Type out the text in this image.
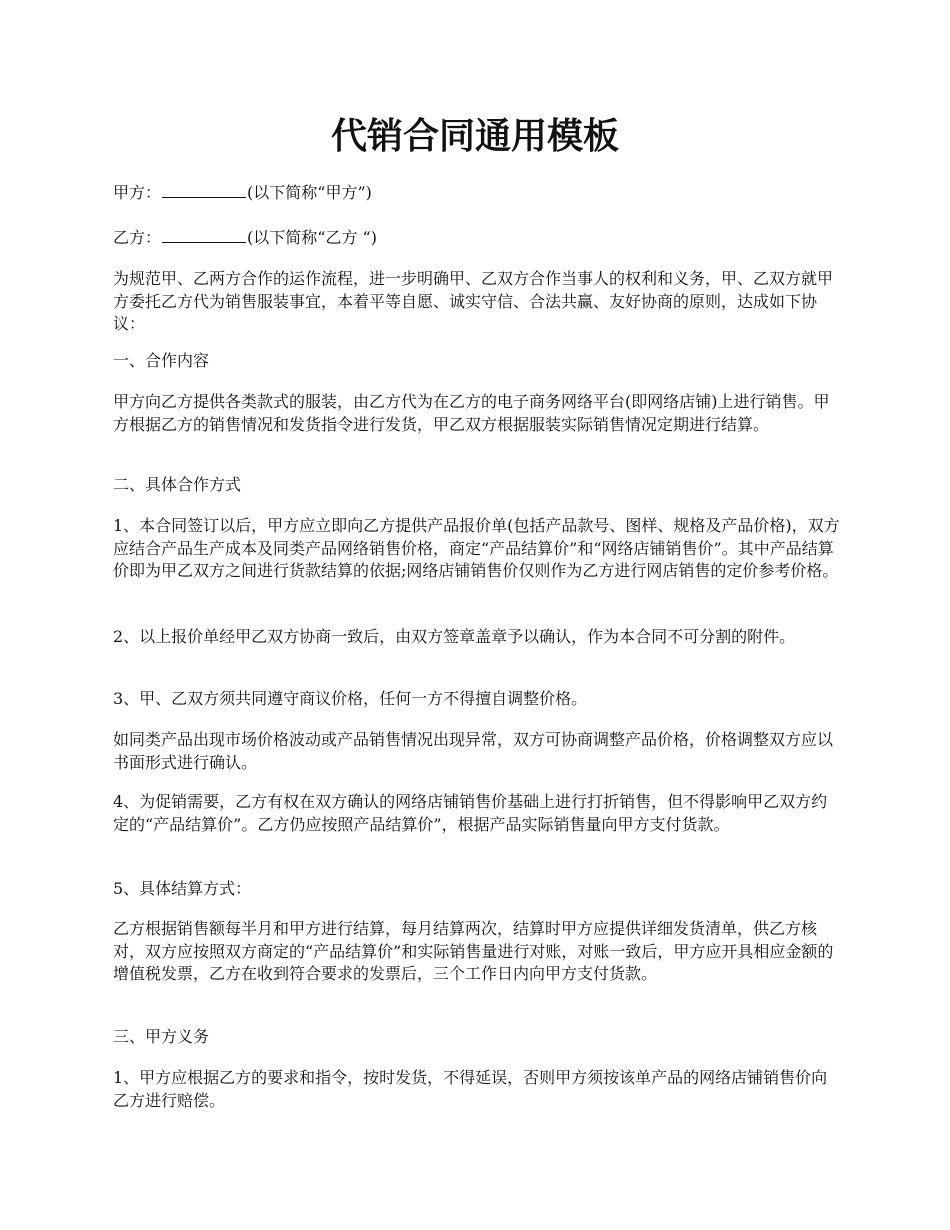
代销合同通用模板

甲方：	(以下简称“甲方”)

乙方：	(以下简称“乙方 “)

为规范甲、乙两方合作的运作流程，进一步明确甲、乙双方合作当事人的权利和义务，甲、乙双方就甲方委托乙方代为销售服装事宜，本着平等自愿、诚实守信、合法共赢、友好协商的原则，达成如下协议：

一、合作内容

甲方向乙方提供各类款式的服装，由乙方代为在乙方的电子商务网络平台(即网络店铺)上进行销售。甲方根据乙方的销售情况和发货指令进行发货，甲乙双方根据服装实际销售情况定期进行结算。

二、具体合作方式

1、本合同签订以后，甲方应立即向乙方提供产品报价单(包括产品款号、图样、规格及产品价格)，双方应结合产品生产成本及同类产品网络销售价格，商定“产品结算价”和“网络店铺销售价”。其中产品结算价即为甲乙双方之间进行货款结算的依据;网络店铺销售价仅则作为乙方进行网店销售的定价参考价格。

2、以上报价单经甲乙双方协商一致后，由双方签章盖章予以确认，作为本合同不可分割的附件。

3、甲、乙双方须共同遵守商议价格，任何一方不得擅自调整价格。

如同类产品出现市场价格波动或产品销售情况出现异常，双方可协商调整产品价格，价格调整双方应以书面形式进行确认。

4、为促销需要，乙方有权在双方确认的网络店铺销售价基础上进行打折销售，但不得影响甲乙双方约定的“产品结算价”。乙方仍应按照产品结算价”，根据产品实际销售量向甲方支付货款。

5、具体结算方式：

乙方根据销售额每半月和甲方进行结算，每月结算两次，结算时甲方应提供详细发货清单，供乙方核对，双方应按照双方商定的“产品结算价”和实际销售量进行对账，对账一致后，甲方应开具相应金额的增值税发票，乙方在收到符合要求的发票后，三个工作日内向甲方支付货款。

三、甲方义务

1、甲方应根据乙方的要求和指令，按时发货，不得延误，否则甲方须按该单产品的网络店铺销售价向乙方进行赔偿。
